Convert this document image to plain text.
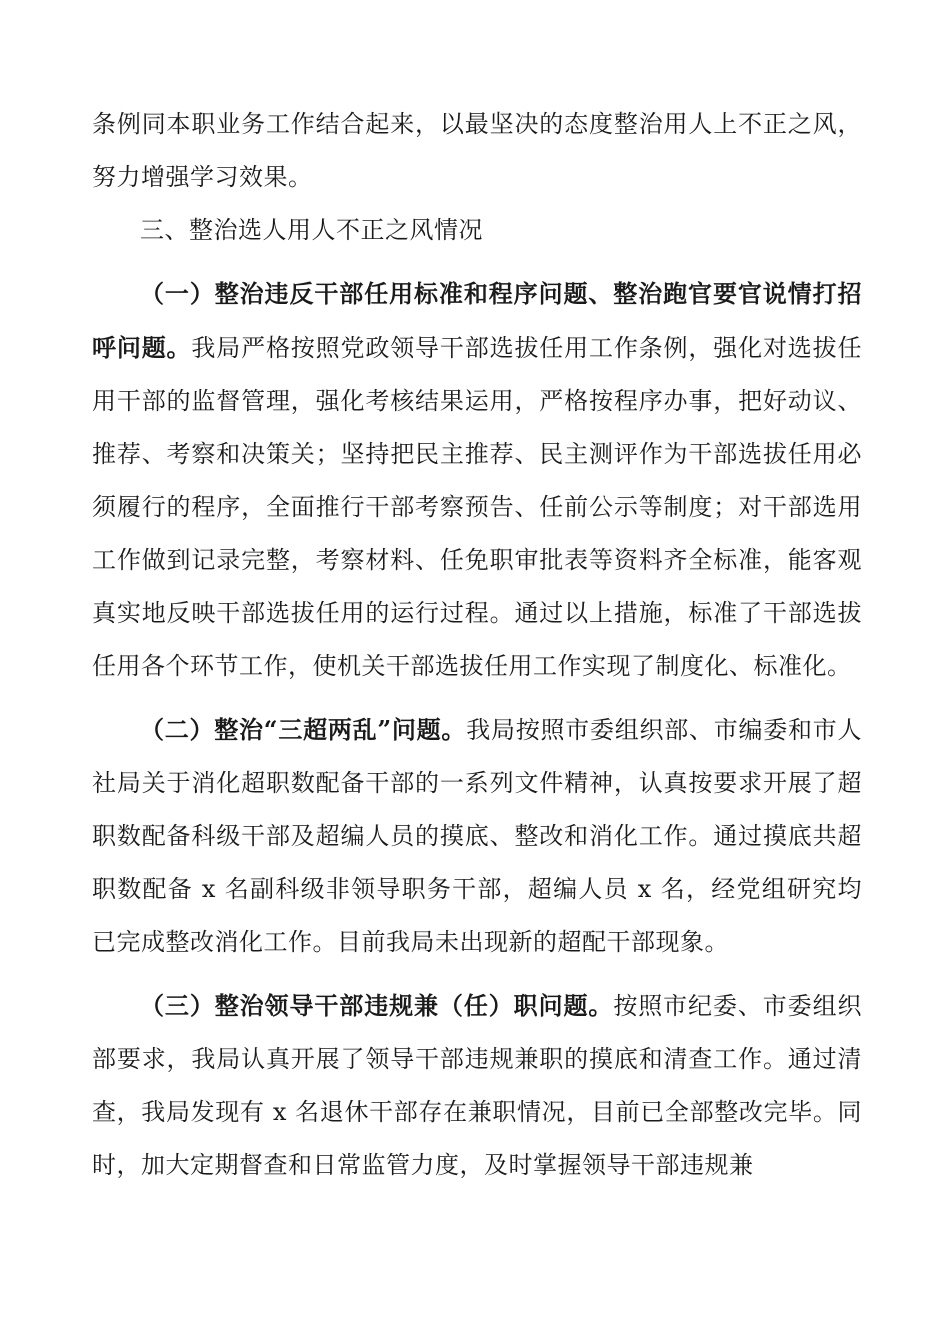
条例同本职业务工作结合起来，以最坚决的态度整治用人上不正之风，努力增强学习效果。

三、整治选人用人不正之风情况

（一）整治违反干部任用标准和程序问题、整治跑官要官说情打招呼问题。我局严格按照党政领导干部选拔任用工作条例，强化对选拔任用干部的监督管理，强化考核结果运用，严格按程序办事，把好动议、推荐、考察和决策关；坚持把民主推荐、民主测评作为干部选拔任用必须履行的程序，全面推行干部考察预告、任前公示等制度；对干部选用工作做到记录完整，考察材料、任免职审批表等资料齐全标准，能客观真实地反映干部选拔任用的运行过程。通过以上措施，标准了干部选拔任用各个环节工作，使机关干部选拔任用工作实现了制度化、标准化。

（二）整治“三超两乱”问题。我局按照市委组织部、市编委和市人社局关于消化超职数配备干部的一系列文件精神，认真按要求开展了超职数配备科级干部及超编人员的摸底、整改和消化工作。通过摸底共超职数配备 x 名副科级非领导职务干部，超编人员 x 名，经党组研究均已完成整改消化工作。目前我局未出现新的超配干部现象。

（三）整治领导干部违规兼（任）职问题。按照市纪委、市委组织部要求，我局认真开展了领导干部违规兼职的摸底和清查工作。通过清查，我局发现有 x 名退休干部存在兼职情况，目前已全部整改完毕。同时，加大定期督查和日常监管力度，及时掌握领导干部违规兼
